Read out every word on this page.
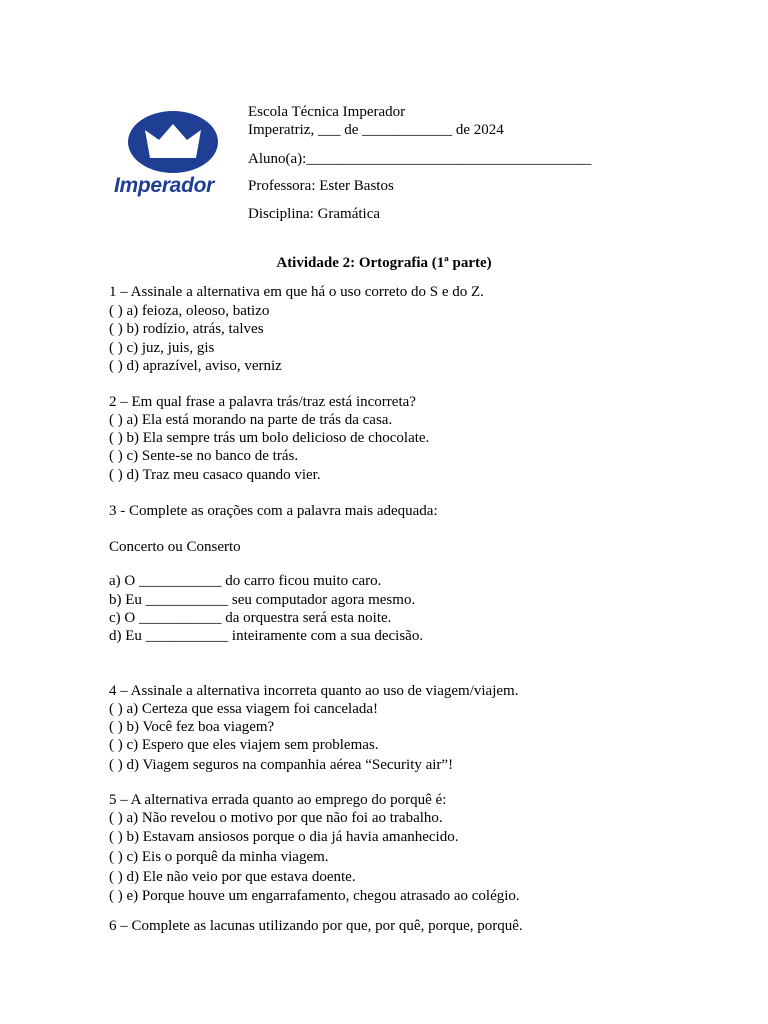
Imperador
Escola Técnica Imperador
Imperatriz, ___ de ____________ de 2024
Aluno(a):______________________________________
Professora: Ester Bastos
Disciplina: Gramática
Atividade 2: Ortografia (1ª parte)
1 – Assinale a alternativa em que há o uso correto do S e do Z.
( ) a) feioza, oleoso, batizo
( ) b) rodízio, atrás, talves
( ) c) juz, juis, gis
( ) d) aprazível, aviso, verniz
2 – Em qual frase a palavra trás/traz está incorreta?
( ) a) Ela está morando na parte de trás da casa.
( ) b) Ela sempre trás um bolo delicioso de chocolate.
( ) c) Sente-se no banco de trás.
( ) d) Traz meu casaco quando vier.
3 - Complete as orações com a palavra mais adequada:
Concerto ou Conserto
a) O ___________ do carro ficou muito caro.
b) Eu ___________ seu computador agora mesmo.
c) O ___________ da orquestra será esta noite.
d) Eu ___________ inteiramente com a sua decisão.
4 – Assinale a alternativa incorreta quanto ao uso de viagem/viajem.
( ) a) Certeza que essa viagem foi cancelada!
( ) b) Você fez boa viagem?
( ) c) Espero que eles viajem sem problemas.
( ) d) Viagem seguros na companhia aérea “Security air”!
5 – A alternativa errada quanto ao emprego do porquê é:
( ) a) Não revelou o motivo por que não foi ao trabalho.
( ) b) Estavam ansiosos porque o dia já havia amanhecido.
( ) c) Eis o porquê da minha viagem.
( ) d) Ele não veio por que estava doente.
( ) e) Porque houve um engarrafamento, chegou atrasado ao colégio.
6 – Complete as lacunas utilizando por que, por quê, porque, porquê.
